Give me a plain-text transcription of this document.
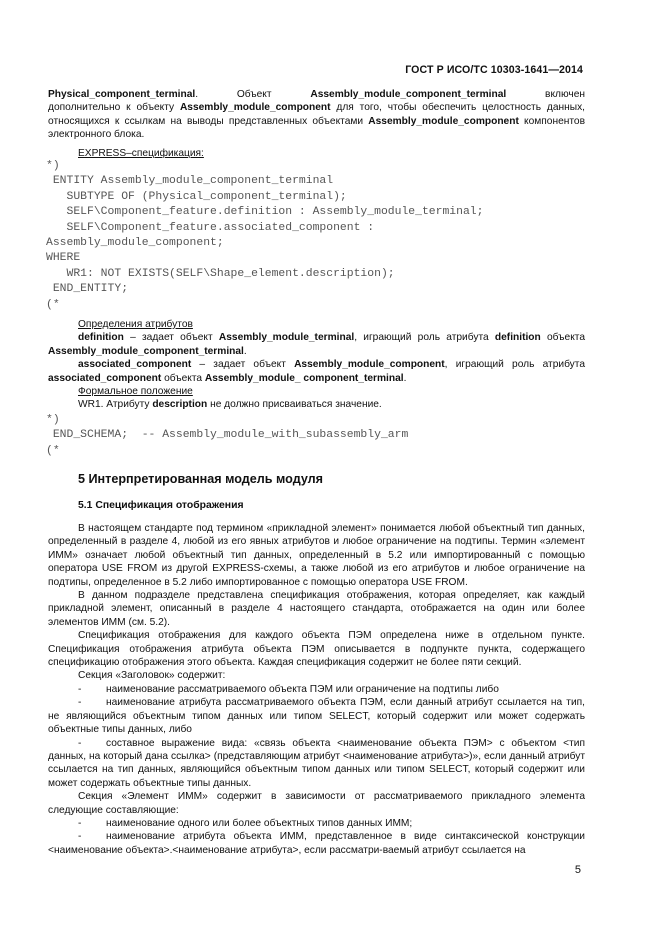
ГОСТ Р ИСО/ТС 10303-1641—2014

Physical_component_terminal. Объект Assembly_module_component_terminal включен

дополнительно к объекту Assembly_module_component для того, чтобы обеспечить целостность данных, относящихся к ссылкам на выводы представленных объектами Assembly_module_component компонентов электронного блока.

EXPRESS–спецификация:

*)
ENTITY Assembly_module_component_terminal
SUBTYPE OF (Physical_component_terminal);
SELF\Component_feature.definition : Assembly_module_terminal;
SELF\Component_feature.associated_component :
Assembly_module_component;
WHERE
WR1: NOT EXISTS(SELF\Shape_element.description);
END_ENTITY;
(*

Определения атрибутов

definition – задает объект Assembly_module_terminal, играющий роль атрибута definition объекта Assembly_module_component_terminal.

associated_component – задает объект Assembly_module_component, играющий роль атрибута associated_component объекта Assembly_module_ component_terminal.

Формальное положение

WR1. Атрибуту description не должно присваиваться значение.

*)
END_SCHEMA;  -- Assembly_module_with_subassembly_arm
(*
5 Интерпретированная модель модуля
5.1 Спецификация отображения

В настоящем стандарте под термином «прикладной элемент» понимается любой объектный тип данных, определенный в разделе 4, любой из его явных атрибутов и любое ограничение на подтипы. Термин «элемент ИММ» означает любой объектный тип данных, определенный в 5.2 или импортированный с помощью оператора USE FROM из другой EXPRESS-схемы, а также любой из его атрибутов и любое ограничение на подтипы, определенное в 5.2 либо импортированное с помощью оператора USE FROM.

В данном подразделе представлена спецификация отображения, которая определяет, как каждый прикладной элемент, описанный в разделе 4 настоящего стандарта, отображается на один или более элементов ИММ (см. 5.2).

Спецификация отображения для каждого объекта ПЭМ определена ниже в отдельном пункте. Спецификация отображения атрибута объекта ПЭМ описывается в подпункте пункта, содержащего спецификацию отображения этого объекта. Каждая спецификация содержит не более пяти секций.

Секция «Заголовок» содержит:

- наименование рассматриваемого объекта ПЭМ или ограничение на подтипы либо

- наименование атрибута рассматриваемого объекта ПЭМ, если данный атрибут ссылается на тип, не являющийся объектным типом данных или типом SELECT, который содержит или может содержать объектные типы данных, либо

- составное выражение вида: «связь объекта <наименование объекта ПЭМ> с объектом <тип данных, на который дана ссылка> (представляющим атрибут <наименование атрибута>)», если данный атрибут ссылается на тип данных, являющийся объектным типом данных или типом SELECT, который содержит или может содержать объектные типы данных.

Секция «Элемент ИММ» содержит в зависимости от рассматриваемого прикладного элемента следующие составляющие:

- наименование одного или более объектных типов данных ИММ;

- наименование атрибута объекта ИММ, представленное в виде синтаксической конструкции <наименование объекта>.<наименование атрибута>, если рассматри-ваемый атрибут ссылается на

5
